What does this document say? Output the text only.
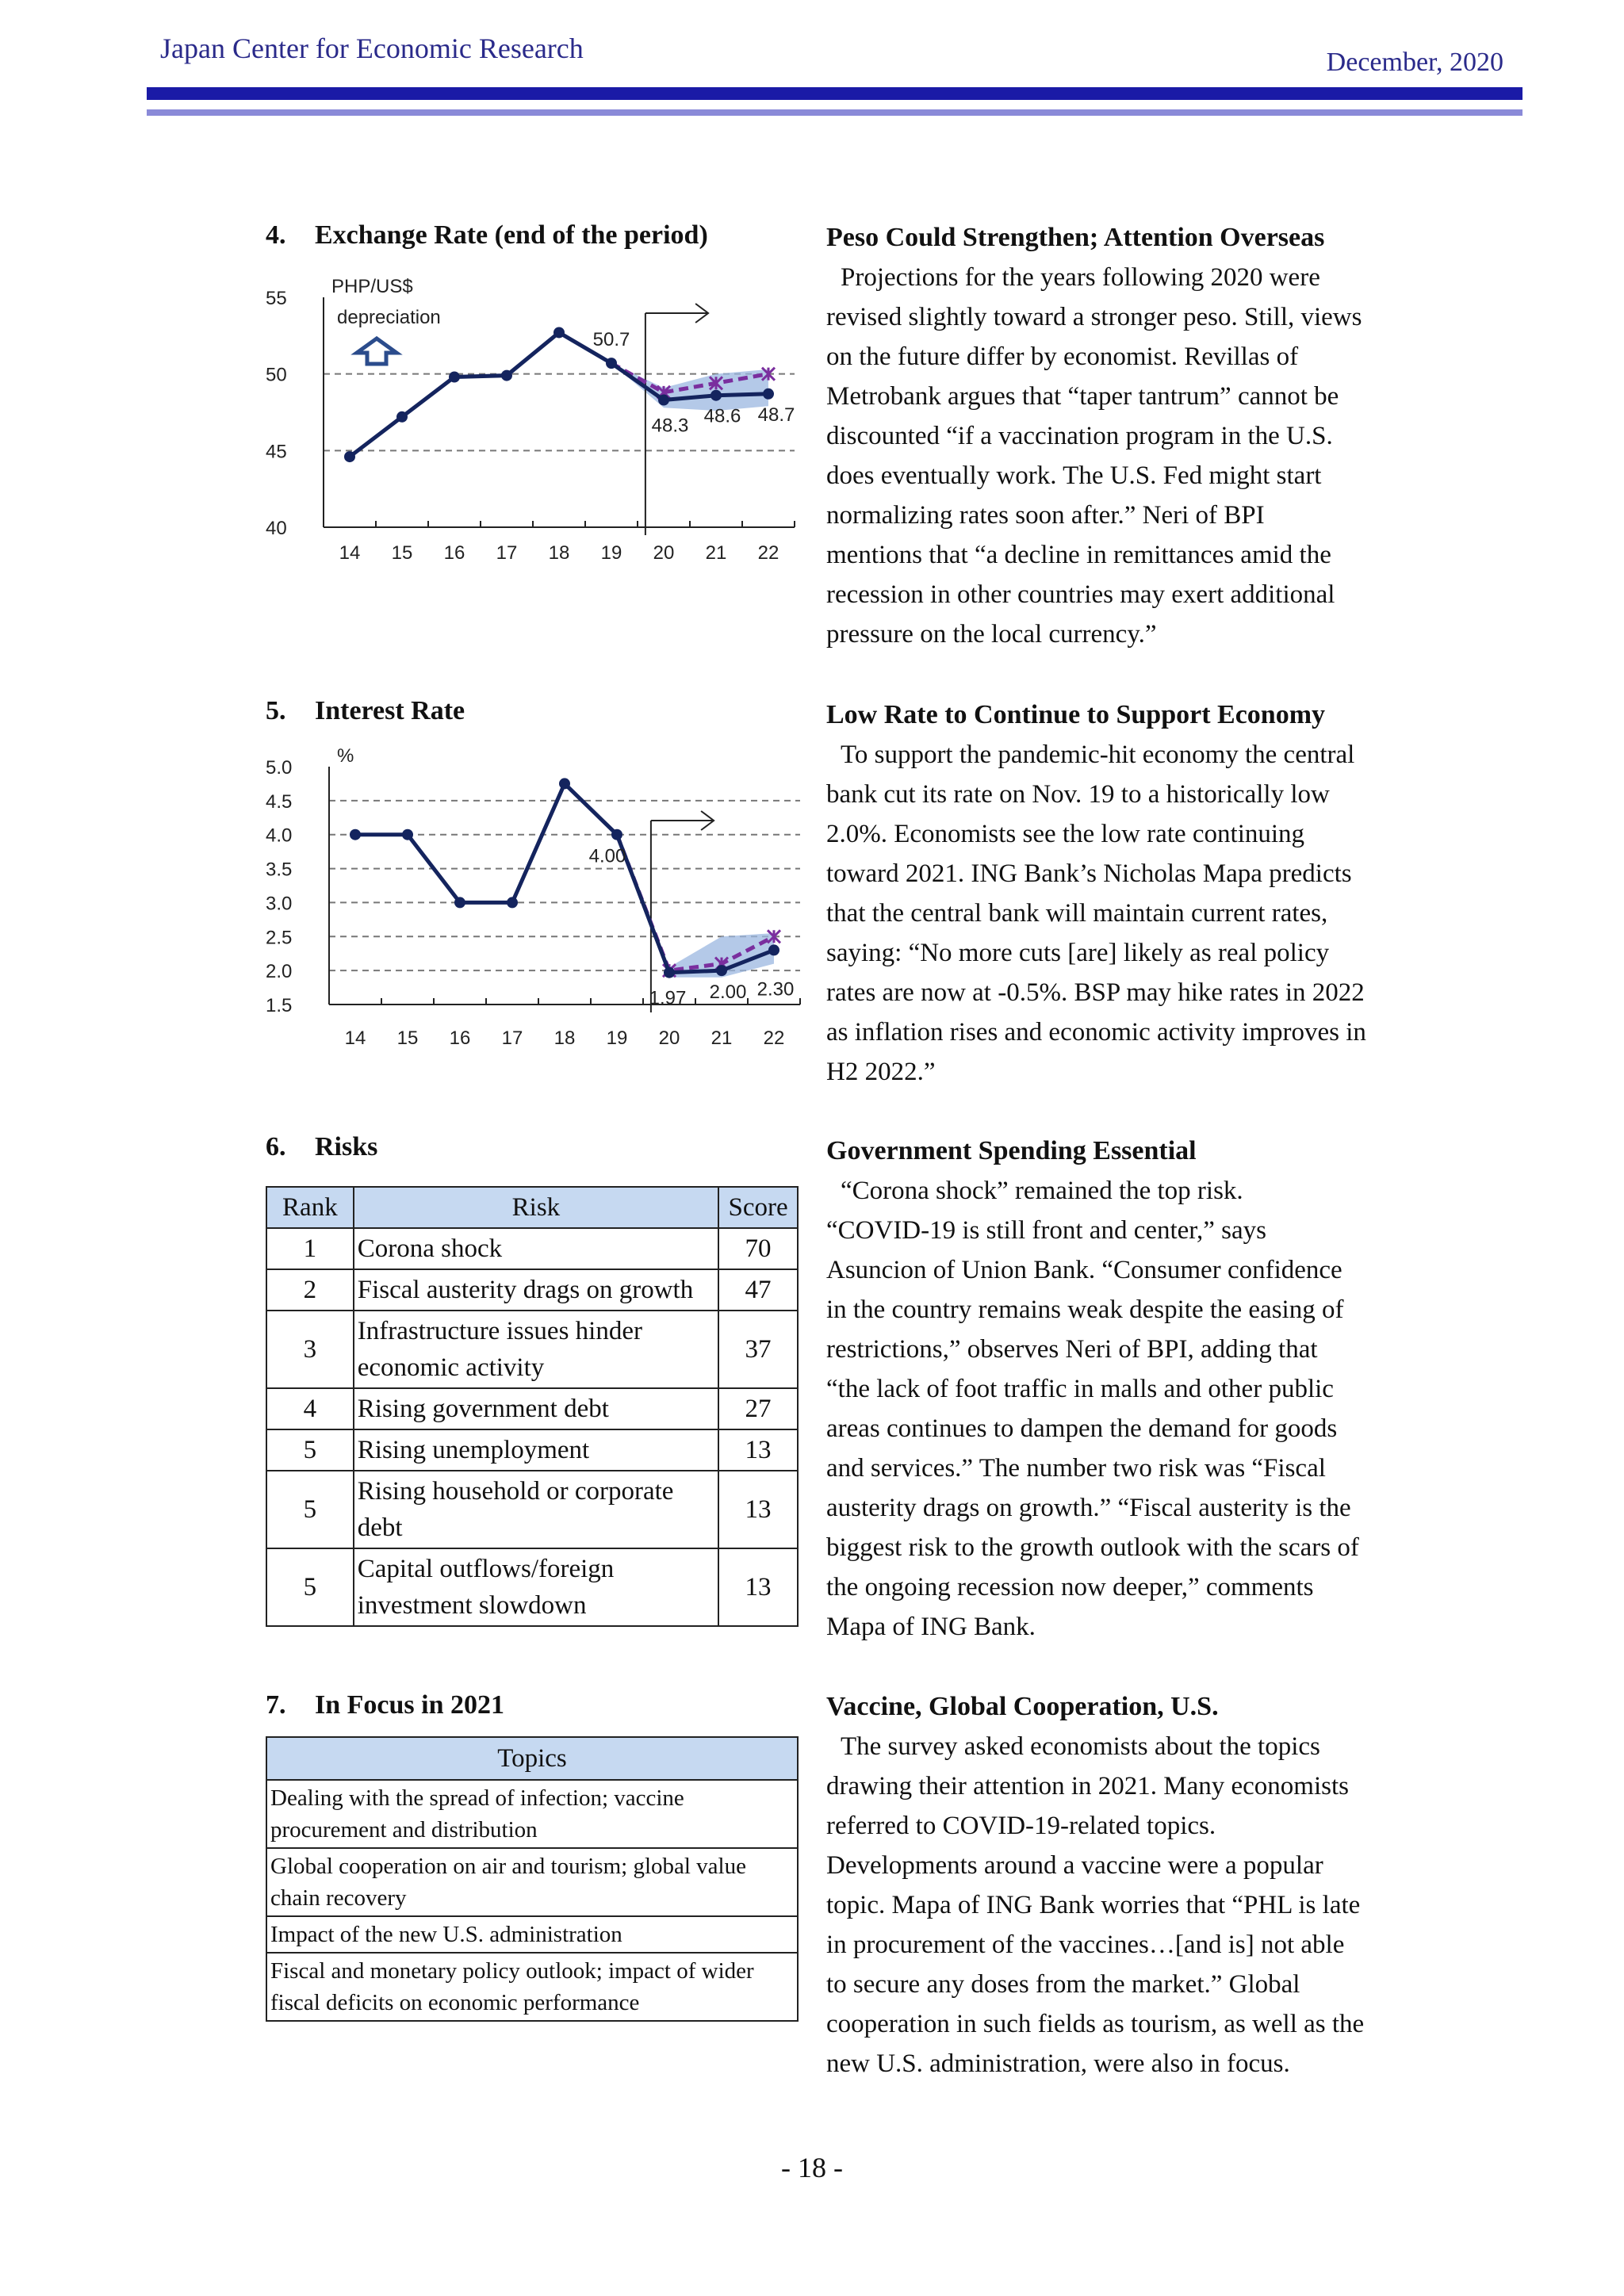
Japan Center for Economic Research	December, 2020
4.	Exchange Rate (end of the period)
40
45
50
55
14 15 16 17 18 19 20 21 22
PHP/US$
50.7
48.3 48.6 48.7
depreciation
5.	Interest Rate
1.5
2.0
2.5
3.0
3.5
4.0
4.5
5.0
14 15 16 17 18 19 20 21 22
%
4.00
1.97 2.00 2.30
6.	Risks
Rank	Risk	Score
1	Corona shock	70
2	Fiscal austerity drags on growth	47
3	Infrastructure issues hinder economic activity	37
4	Rising government debt	27
5	Rising unemployment	13
5	Rising household or corporate debt	13
5	Capital outflows/foreign investment slowdown	13
7.	In Focus in 2021
Topics
Dealing with the spread of infection; vaccine procurement and distribution
Global cooperation on air and tourism; global value chain recovery
Impact of the new U.S. administration
Fiscal and monetary policy outlook; impact of wider fiscal deficits on economic performance

Peso Could Strengthen; Attention Overseas

Projections for the years following 2020 were

revised slightly toward a stronger peso. Still, views

on the future differ by economist. Revillas of

Metrobank argues that “taper tantrum” cannot be

discounted “if a vaccination program in the U.S.

does eventually work. The U.S. Fed might start

normalizing rates soon after.” Neri of BPI

mentions that “a decline in remittances amid the

recession in other countries may exert additional

pressure on the local currency.”

Low Rate to Continue to Support Economy

To support the pandemic-hit economy the central

bank cut its rate on Nov. 19 to a historically low

2.0%. Economists see the low rate continuing

toward 2021. ING Bank’s Nicholas Mapa predicts

that the central bank will maintain current rates,

saying: “No more cuts [are] likely as real policy

rates are now at -0.5%. BSP may hike rates in 2022

as inflation rises and economic activity improves in

H2 2022.”

Government Spending Essential

“Corona shock” remained the top risk.

“COVID-19 is still front and center,” says

Asuncion of Union Bank. “Consumer confidence

in the country remains weak despite the easing of

restrictions,” observes Neri of BPI, adding that

“the lack of foot traffic in malls and other public

areas continues to dampen the demand for goods

and services.” The number two risk was “Fiscal

austerity drags on growth.” “Fiscal austerity is the

biggest risk to the growth outlook with the scars of

the ongoing recession now deeper,” comments

Mapa of ING Bank.

Vaccine, Global Cooperation, U.S.

The survey asked economists about the topics

drawing their attention in 2021. Many economists

referred to COVID-19-related topics.

Developments around a vaccine were a popular

topic. Mapa of ING Bank worries that “PHL is late

in procurement of the vaccines…[and is] not able

to secure any doses from the market.” Global

cooperation in such fields as tourism, as well as the

new U.S. administration, were also in focus.

- 18 -
